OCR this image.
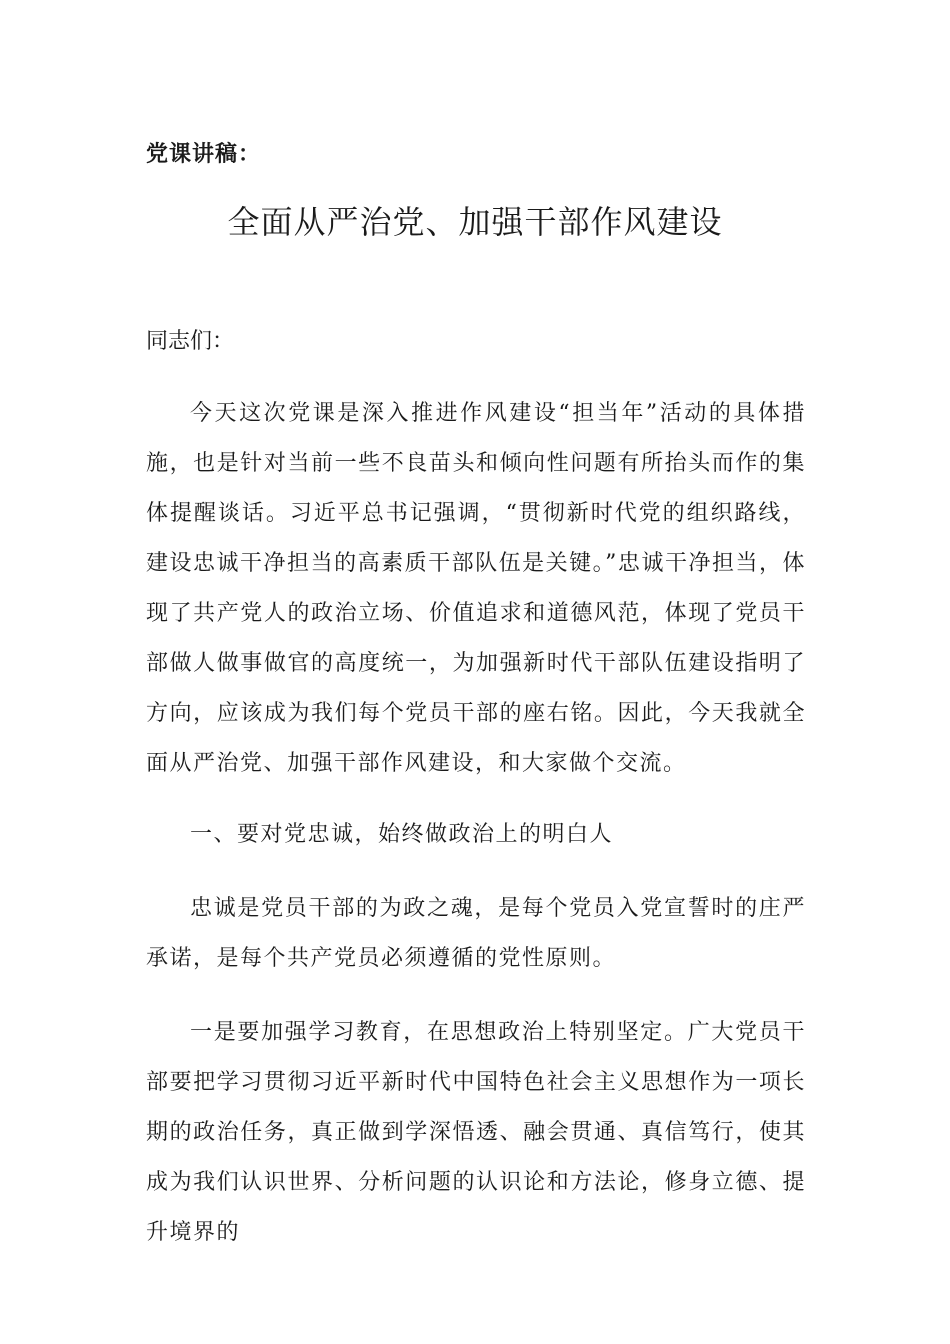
党课讲稿：
全面从严治党、加强干部作风建设
同志们：

今天这次党课是深入推进作风建设“担当年”活动的具体措施，也是针对当前一些不良苗头和倾向性问题有所抬头而作的集体提醒谈话。习近平总书记强调，“贯彻新时代党的组织路线，建设忠诚干净担当的高素质干部队伍是关键。”忠诚干净担当，体现了共产党人的政治立场、价值追求和道德风范，体现了党员干部做人做事做官的高度统一，为加强新时代干部队伍建设指明了方向，应该成为我们每个党员干部的座右铭。因此，今天我就全面从严治党、加强干部作风建设，和大家做个交流。

一、要对党忠诚，始终做政治上的明白人

忠诚是党员干部的为政之魂，是每个党员入党宣誓时的庄严承诺，是每个共产党员必须遵循的党性原则。

一是要加强学习教育，在思想政治上特别坚定。广大党员干部要把学习贯彻习近平新时代中国特色社会主义思想作为一项长期的政治任务，真正做到学深悟透、融会贯通、真信笃行，使其成为我们认识世界、分析问题的认识论和方法论，修身立德、提升境界的
